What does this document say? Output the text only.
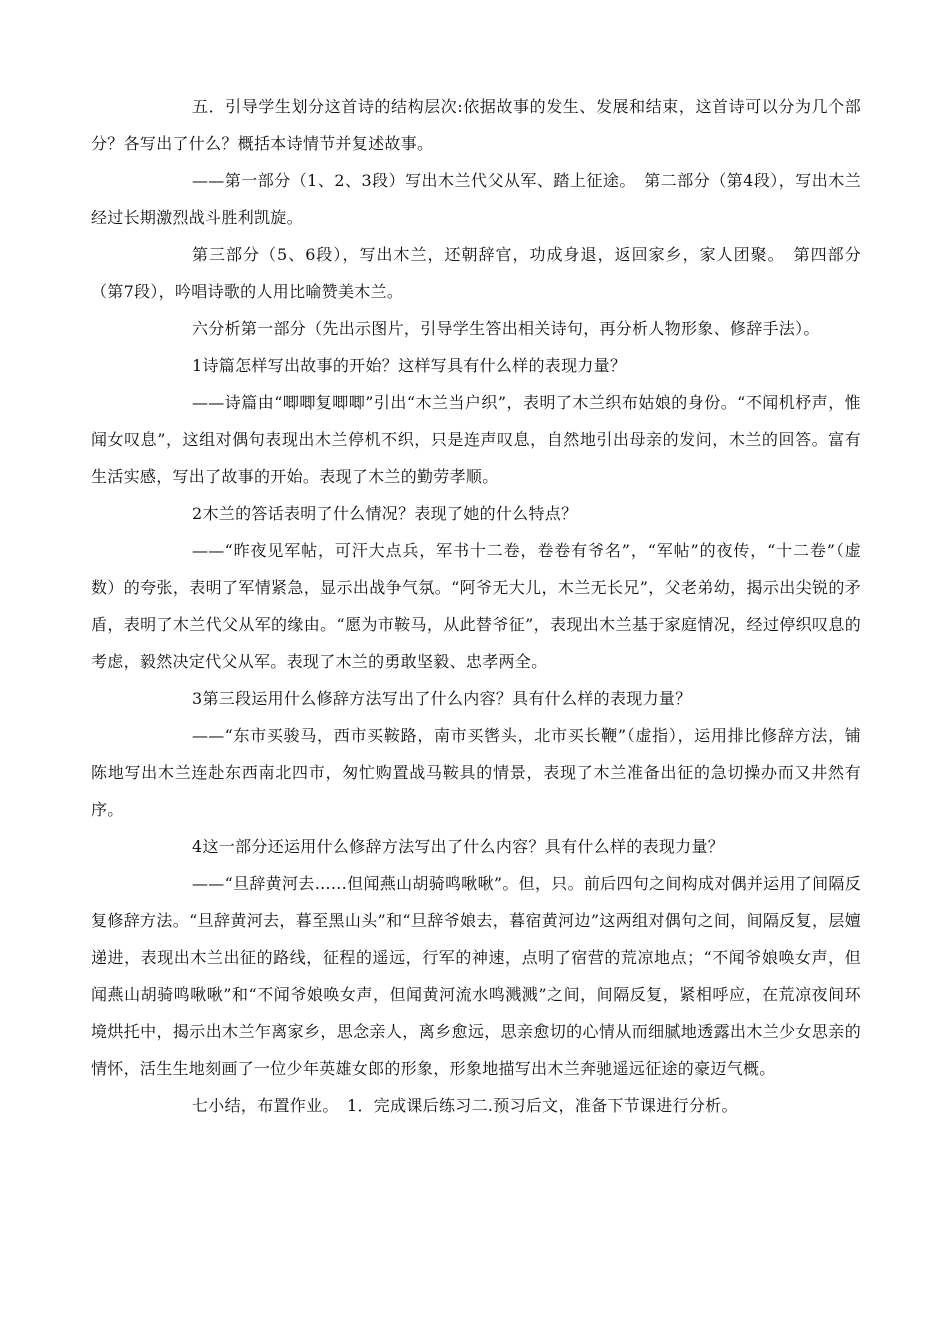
五．引导学生划分这首诗的结构层次:依据故事的发生、发展和结束，这首诗可以分为几个部分？各写出了什么？概括本诗情节并复述故事。

——第一部分（1、2、3段）写出木兰代父从军、踏上征途。　第二部分（第4段），写出木兰经过长期激烈战斗胜利凯旋。

第三部分（5、6段），写出木兰，还朝辞官，功成身退，返回家乡，家人团聚。　第四部分（第7段），吟唱诗歌的人用比喻赞美木兰。

六分析第一部分（先出示图片，引导学生答出相关诗句，再分析人物形象、修辞手法）。

1诗篇怎样写出故事的开始？这样写具有什么样的表现力量？

——诗篇由“唧唧复唧唧”引出“木兰当户织”，表明了木兰织布姑娘的身份。“不闻机杼声，惟闻女叹息”，这组对偶句表现出木兰停机不织，只是连声叹息，自然地引出母亲的发问，木兰的回答。富有生活实感，写出了故事的开始。表现了木兰的勤劳孝顺。

2木兰的答话表明了什么情况？表现了她的什么特点？

——“昨夜见军帖，可汗大点兵，军书十二卷，卷卷有爷名”，“军帖”的夜传，“十二卷”（虚数）的夸张，表明了军情紧急，显示出战争气氛。“阿爷无大儿，木兰无长兄”，父老弟幼，揭示出尖锐的矛盾，表明了木兰代父从军的缘由。“愿为市鞍马，从此替爷征”，表现出木兰基于家庭情况，经过停织叹息的考虑，毅然决定代父从军。表现了木兰的勇敢坚毅、忠孝两全。

3第三段运用什么修辞方法写出了什么内容？具有什么样的表现力量？

——“东市买骏马，西市买鞍路，南市买辔头，北市买长鞭”（虚指），运用排比修辞方法，铺陈地写出木兰连赴东西南北四市，匆忙购置战马鞍具的情景，表现了木兰准备出征的急切操办而又井然有序。

4这一部分还运用什么修辞方法写出了什么内容？具有什么样的表现力量？

——“旦辞黄河去……但闻燕山胡骑鸣啾啾”。但，只。前后四句之间构成对偶并运用了间隔反复修辞方法。“旦辞黄河去，暮至黑山头”和“旦辞爷娘去，暮宿黄河边”这两组对偶句之间，间隔反复，层嬗递进，表现出木兰出征的路线，征程的遥远，行军的神速，点明了宿营的荒凉地点；“不闻爷娘唤女声，但闻燕山胡骑鸣啾啾”和“不闻爷娘唤女声，但闻黄河流水鸣溅溅”之间，间隔反复，紧相呼应，在荒凉夜间环境烘托中，揭示出木兰乍离家乡，思念亲人，离乡愈远，思亲愈切的心情从而细腻地透露出木兰少女思亲的情怀，活生生地刻画了一位少年英雄女郎的形象，形象地描写出木兰奔驰遥远征途的豪迈气概。

七小结，布置作业。　1．完成课后练习二.预习后文，准备下节课进行分析。
